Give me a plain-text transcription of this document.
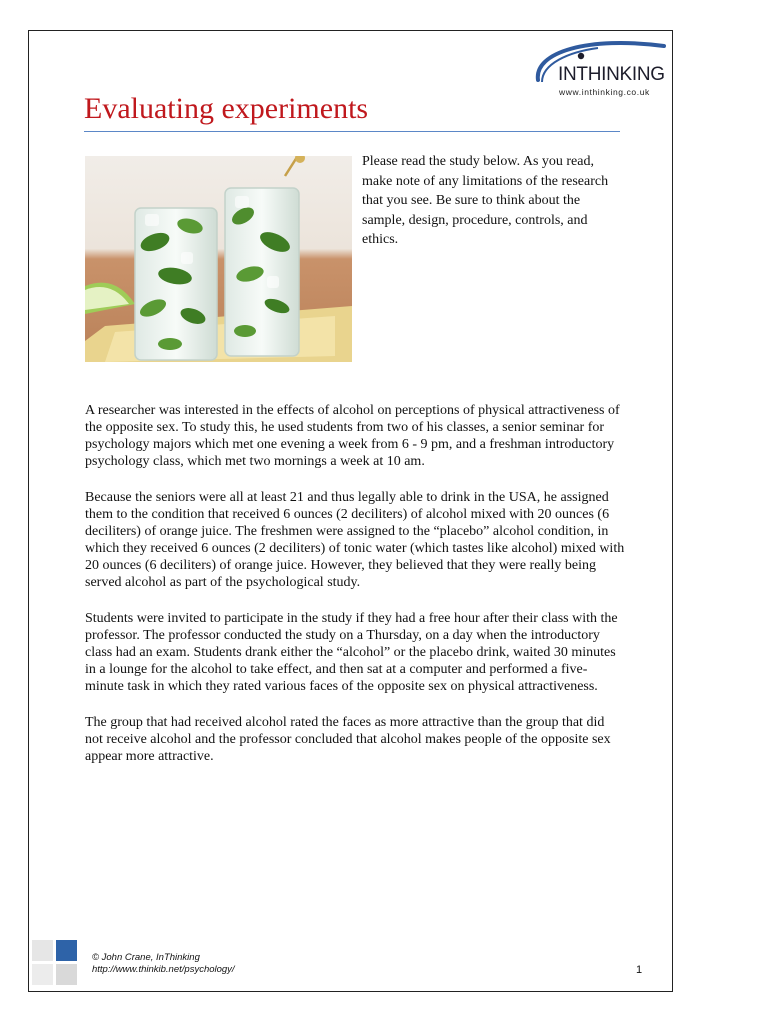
INTHINKING
www.inthinking.co.uk
Evaluating experiments

Please read the study below. As you read, make note of any limitations of the research that you see. Be sure to think about the sample, design, procedure, controls, and ethics.

A researcher was interested in the effects of alcohol on perceptions of physical attractiveness of the opposite sex. To study this, he used students from two of his classes, a senior seminar for psychology majors which met one evening a week from 6 - 9 pm, and a freshman introductory psychology class, which met two mornings a week at 10 am.

Because the seniors were all at least 21 and thus legally able to drink in the USA, he assigned them to the condition that received 6 ounces (2 deciliters) of alcohol mixed with 20 ounces (6 deciliters) of orange juice. The freshmen were assigned to the “placebo” alcohol condition, in which they received 6 ounces (2 deciliters) of tonic water (which tastes like alcohol) mixed with 20 ounces (6 deciliters) of orange juice. However, they believed that they were really being served alcohol as part of the psychological study.

Students were invited to participate in the study if they had a free hour after their class with the professor. The professor conducted the study on a Thursday, on a day when the introductory class had an exam. Students drank either the “alcohol” or the placebo drink, waited 30 minutes in a lounge for the alcohol to take effect, and then sat at a computer and performed a five-minute task in which they rated various faces of the opposite sex on physical attractiveness.

The group that had received alcohol rated the faces as more attractive than the group that did not receive alcohol and the professor concluded that alcohol makes people of the opposite sex appear more attractive.

© John Crane, InThinking
http://www.thinkib.net/psychology/	1
